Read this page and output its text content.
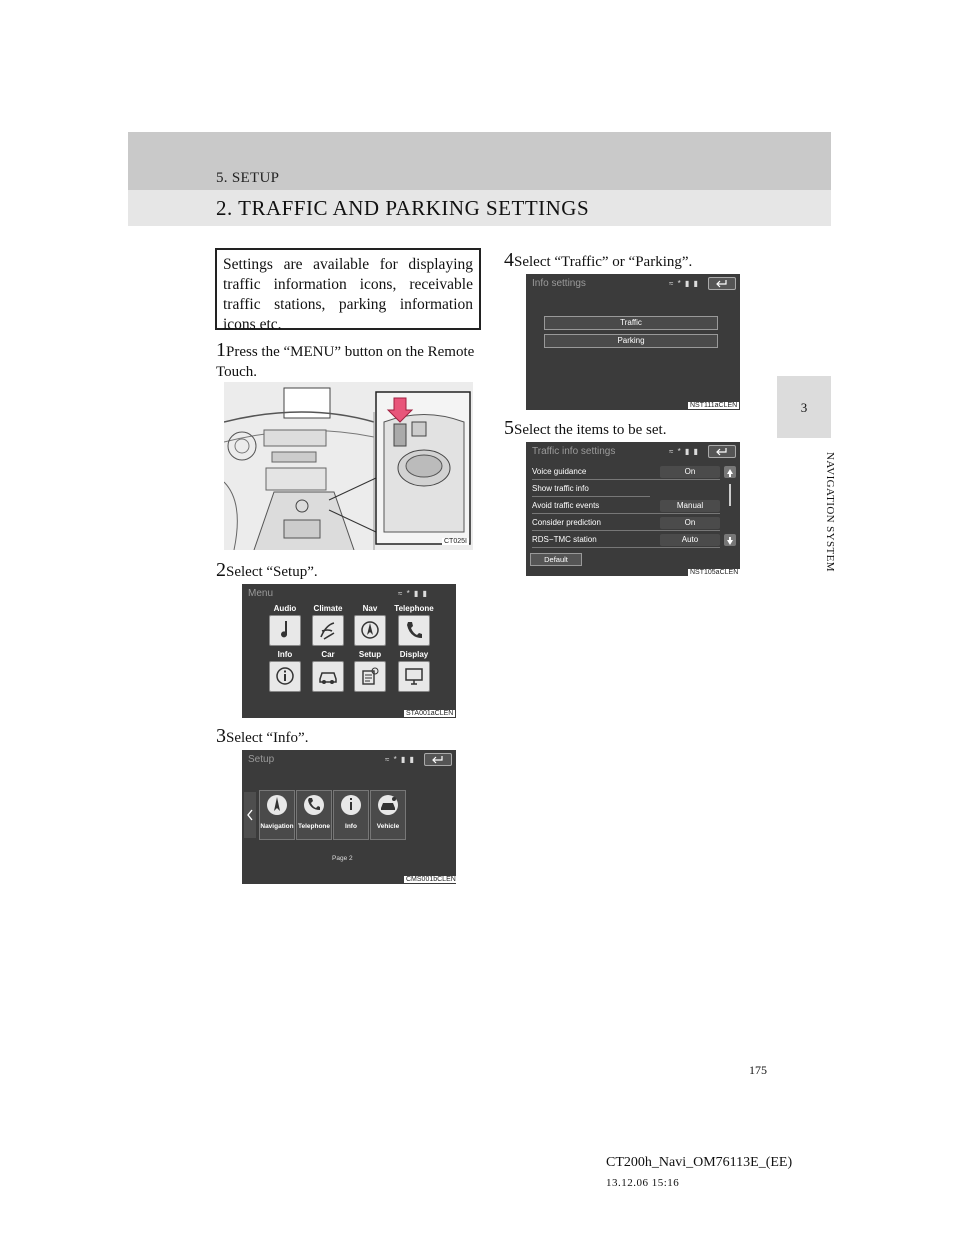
5. SETUP
2. TRAFFIC AND PARKING SETTINGS
3
NAVIGATION SYSTEM
Settings are available for displaying traffic information icons, receivable traffic stations, parking information icons etc.
1Press the “MENU” button on the Remote Touch.
CT025I
2Select “Setup”.
Menu	≈ * ▮ ▮
Audio	Climate	Nav	Telephone
Info	Car	Setup	Display
STA001aCLEN
3Select “Info”.
Setup	≈ * ▮ ▮
Navigation Telephone	Info	Vehicle
Page 2
CMS001bCLEN
4Select “Traffic” or “Parking”.
Info settings	≈ * ▮ ▮
Traffic
Parking
NST111aCLEN
5Select the items to be set.
Traffic info settings	≈ * ▮ ▮
Voice guidance	On
Show traffic info
Avoid traffic events	Manual
Consider prediction	On
RDS−TMC station	Auto
Default
NST105aCLEN
175
CT200h_Navi_OM76113E_(EE)
13.12.06 15:16
